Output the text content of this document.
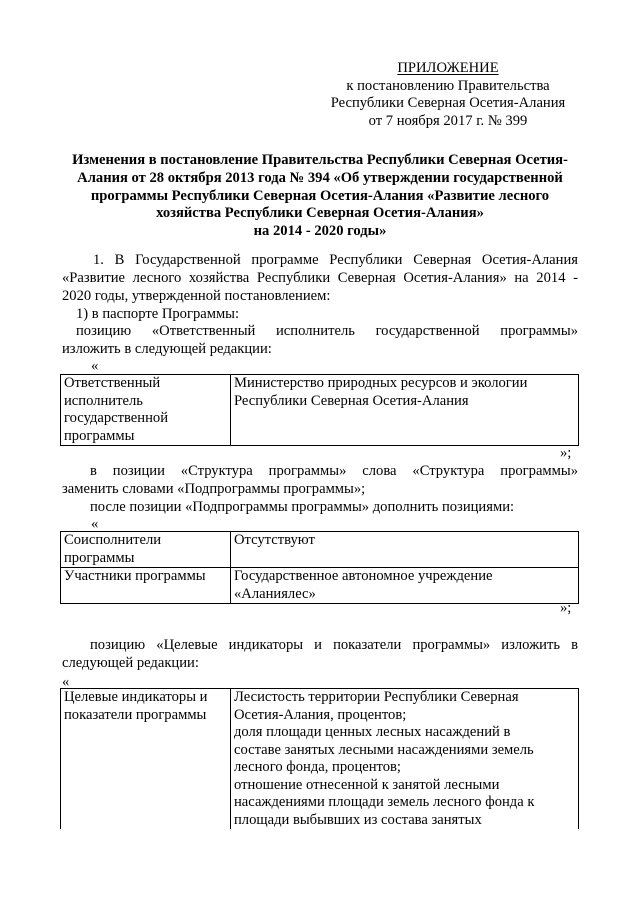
ПРИЛОЖЕНИЕ
к постановлению Правительства
Республики Северная Осетия-Алания
от 7 ноября 2017 г. № 399
Изменения в постановление Правительства Республики Северная Осетия-
Алания от 28 октября 2013 года № 394 «Об утверждении государственной
программы Республики Северная Осетия-Алания «Развитие лесного
хозяйства Республики Северная Осетия-Алания»
на 2014 - 2020 годы»
1. В Государственной программе Республики Северная Осетия-Алания
«Развитие лесного хозяйства Республики Северная Осетия-Алания» на 2014 -
2020 годы, утвержденной постановлением:
1) в паспорте Программы:
позицию «Ответственный исполнитель государственной программы»
изложить в следующей редакции:
«
Ответственный
исполнитель
государственной
программы

Министерство природных ресурсов и экологии
Республики Северная Осетия-Алания
»;
в позиции «Структура программы» слова «Структура программы»
заменить словами «Подпрограммы программы»;
после позиции «Подпрограммы программы» дополнить позициями:
«
Соисполнители
программы	Отсутствуют

Участники программы	Государственное автономное учреждение
«Аланиялес»
»;
позицию «Целевые индикаторы и показатели программы» изложить в
следующей редакции:
«
Целевые индикаторы и
показатели программы

Лесистость территории Республики Северная
Осетия-Алания, процентов;
доля площади ценных лесных насаждений в
составе занятых лесными насаждениями земель
лесного фонда, процентов;
отношение отнесенной к занятой лесными
насаждениями площади земель лесного фонда к
площади выбывших из состава занятых
